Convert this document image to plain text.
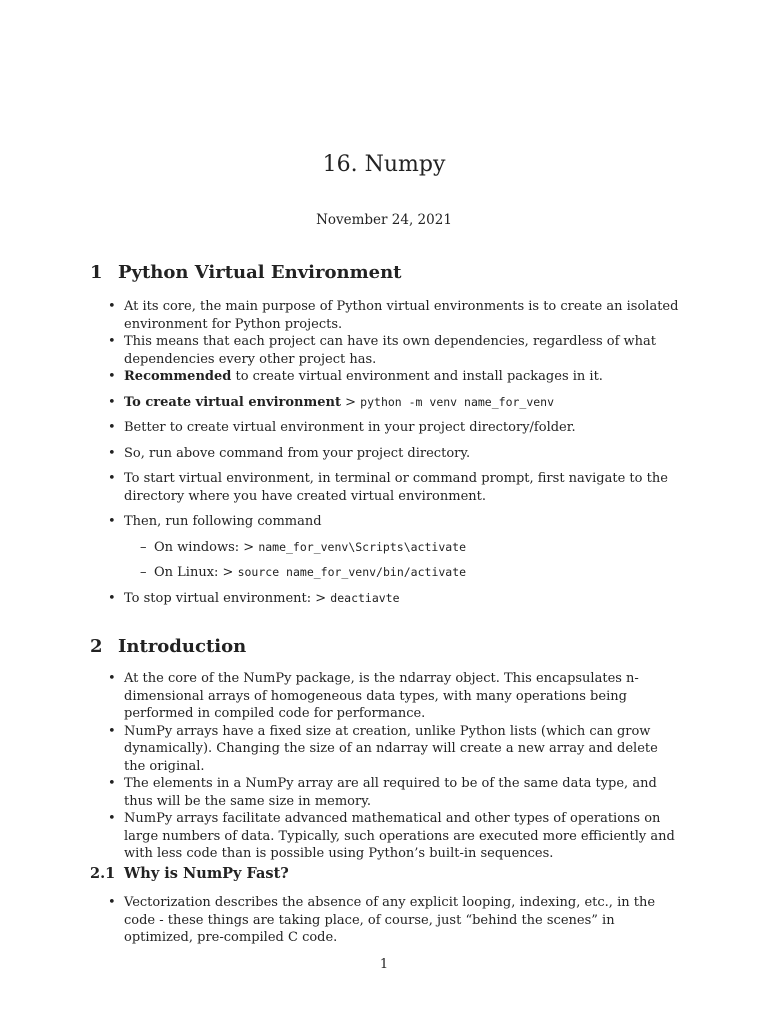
16. Numpy
November 24, 2021
1 Python Virtual Environment
• At its core, the main purpose of Python virtual environments is to create an isolated environment for Python projects.
• This means that each project can have its own dependencies, regardless of what dependencies every other project has.
• Recommended to create virtual environment and install packages in it.
• To create virtual environment > python -m venv name_for_venv
• Better to create virtual environment in your project directory/folder.
• So, run above command from your project directory.
• To start virtual environment, in terminal or command prompt, first navigate to the directory where you have created virtual environment.
• Then, run following command
– On windows: > name_for_venv\Scripts\activate
– On Linux: > source name_for_venv/bin/activate
• To stop virtual environment: > deactiavte
2 Introduction
• At the core of the NumPy package, is the ndarray object. This encapsulates n-dimensional arrays of homogeneous data types, with many operations being performed in compiled code for performance.
• NumPy arrays have a fixed size at creation, unlike Python lists (which can grow dynamically). Changing the size of an ndarray will create a new array and delete the original.
• The elements in a NumPy array are all required to be of the same data type, and thus will be the same size in memory.
• NumPy arrays facilitate advanced mathematical and other types of operations on large numbers of data. Typically, such operations are executed more efficiently and with less code than is possible using Python’s built-in sequences.
2.1 Why is NumPy Fast?
• Vectorization describes the absence of any explicit looping, indexing, etc., in the code - these things are taking place, of course, just “behind the scenes” in optimized, pre-compiled C code.
1
